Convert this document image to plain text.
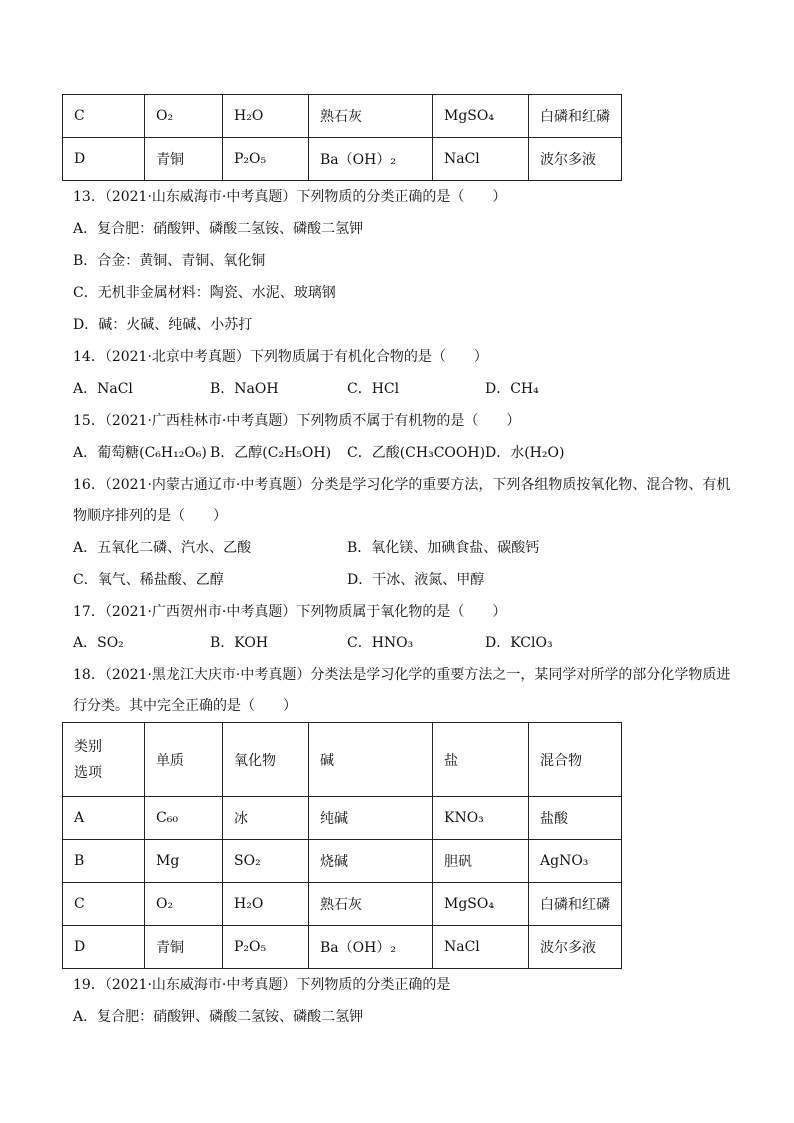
C	O₂	H₂O	熟石灰	MgSO₄	白磷和红磷
D	青铜	P₂O₅	Ba（OH）₂	NaCl	波尔多液
13．（2021·山东威海市·中考真题）下列物质的分类正确的是（　　）
A．复合肥：硝酸钾、磷酸二氢铵、磷酸二氢钾
B．合金：黄铜、青铜、氧化铜
C．无机非金属材料：陶瓷、水泥、玻璃钢
D．碱：火碱、纯碱、小苏打
14．（2021·北京中考真题）下列物质属于有机化合物的是（　　）
A．NaCl	B．NaOH	C．HCl	D．CH₄
15．（2021·广西桂林市·中考真题）下列物质不属于有机物的是（　　）
A．葡萄糖(C₆H₁₂O₆) B．乙醇(C₂H₅OH) C．乙酸(CH₃COOH) D．水(H₂O)
16．（2021·内蒙古通辽市·中考真题）分类是学习化学的重要方法，下列各组物质按氧化物、混合物、有机
物顺序排列的是（　　）
A．五氧化二磷、汽水、乙酸	B．氧化镁、加碘食盐、碳酸钙
C．氧气、稀盐酸、乙醇	D．干冰、液氮、甲醇
17．（2021·广西贺州市·中考真题）下列物质属于氧化物的是（　　）
A．SO₂	B．KOH	C．HNO₃	D．KClO₃
18．（2021·黑龙江大庆市·中考真题）分类法是学习化学的重要方法之一，某同学对所学的部分化学物质进
行分类。其中完全正确的是（　　）
类别
选项	单质	氧化物	碱	盐	混合物
A	C₆₀	冰	纯碱	KNO₃	盐酸
B	Mg	SO₂	烧碱	胆矾	AgNO₃
C	O₂	H₂O	熟石灰	MgSO₄	白磷和红磷
D	青铜	P₂O₅	Ba（OH）₂	NaCl	波尔多液
19．（2021·山东威海市·中考真题）下列物质的分类正确的是
A．复合肥：硝酸钾、磷酸二氢铵、磷酸二氢钾
